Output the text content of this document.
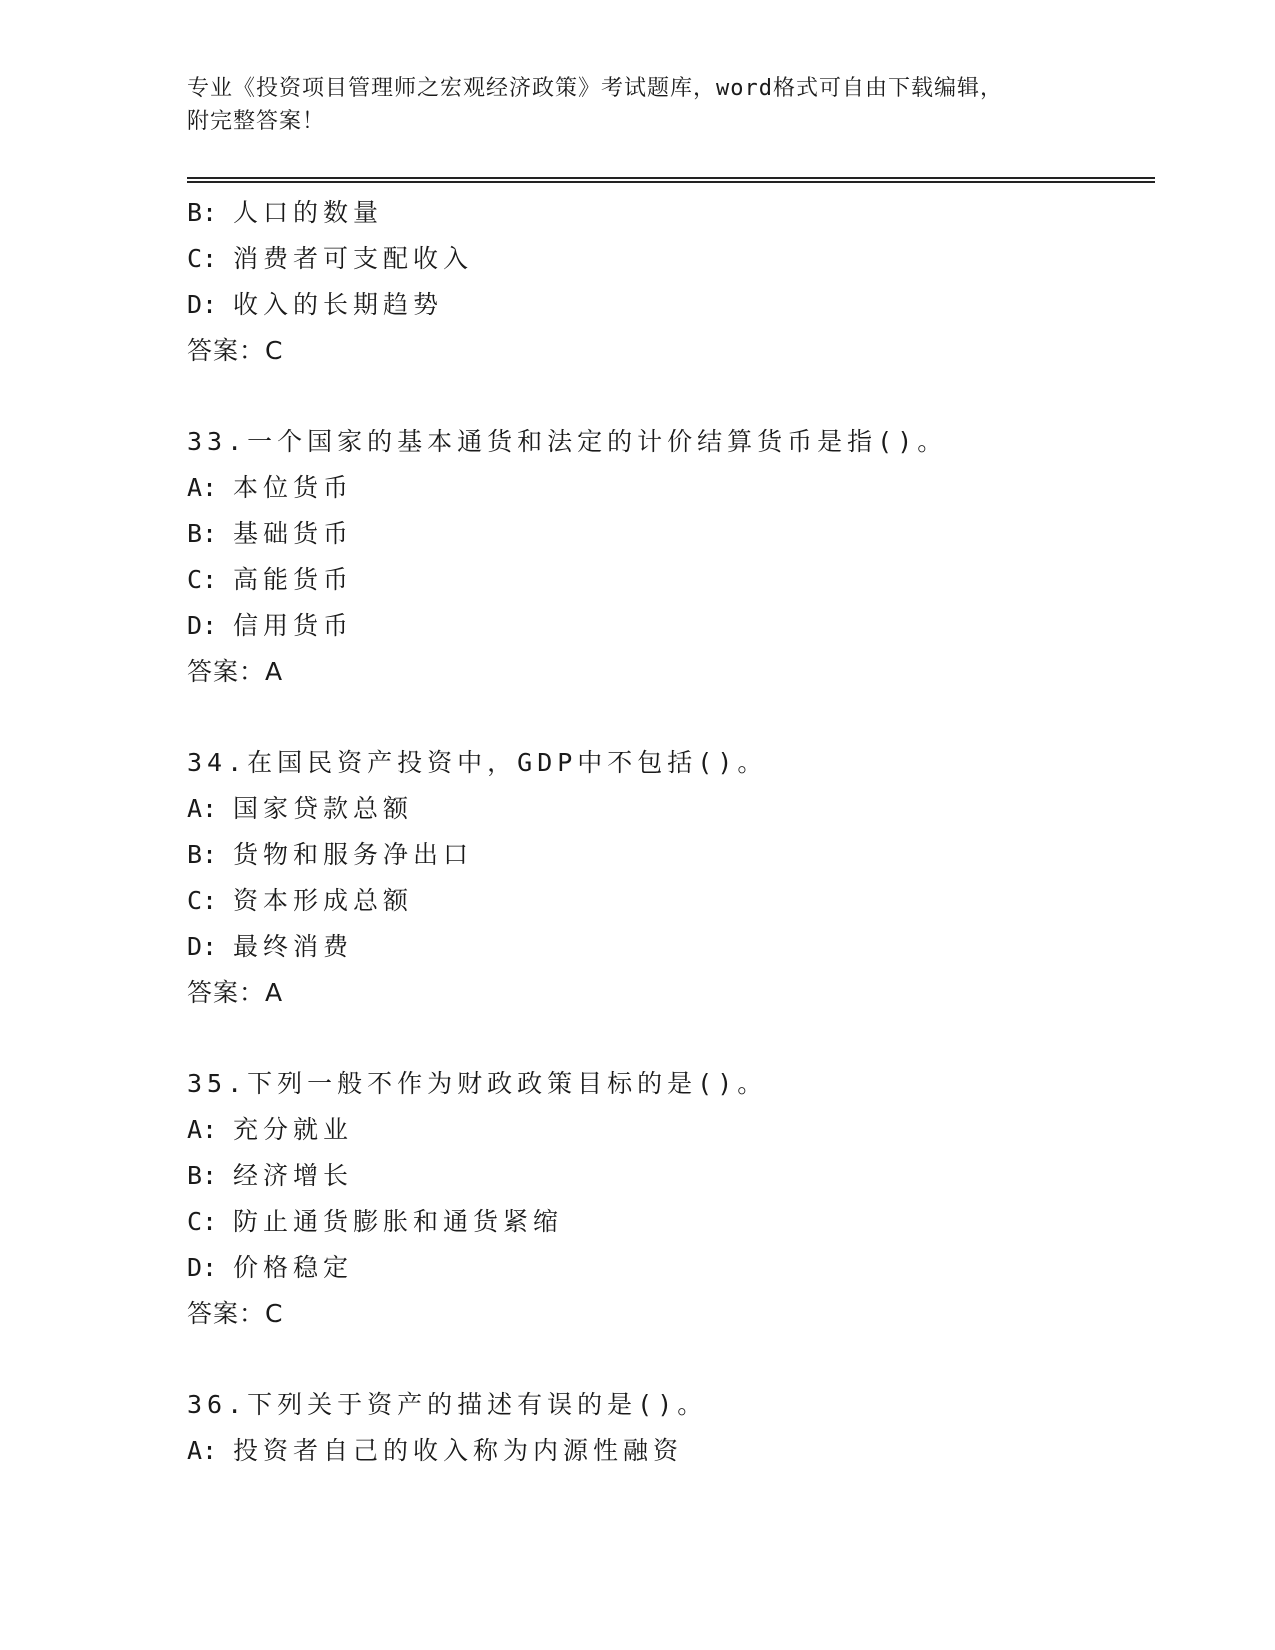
专业《投资项目管理师之宏观经济政策》考试题库，word格式可自由下载编辑，
附完整答案！
B: 人口的数量
C: 消费者可支配收入
D: 收入的长期趋势
答案：C
33.一个国家的基本通货和法定的计价结算货币是指()。
A: 本位货币
B: 基础货币
C: 高能货币
D: 信用货币
答案：A
34.在国民资产投资中，GDP中不包括()。
A: 国家贷款总额
B: 货物和服务净出口
C: 资本形成总额
D: 最终消费
答案：A
35.下列一般不作为财政政策目标的是()。
A: 充分就业
B: 经济增长
C: 防止通货膨胀和通货紧缩
D: 价格稳定
答案：C
36.下列关于资产的描述有误的是()。
A: 投资者自己的收入称为内源性融资
